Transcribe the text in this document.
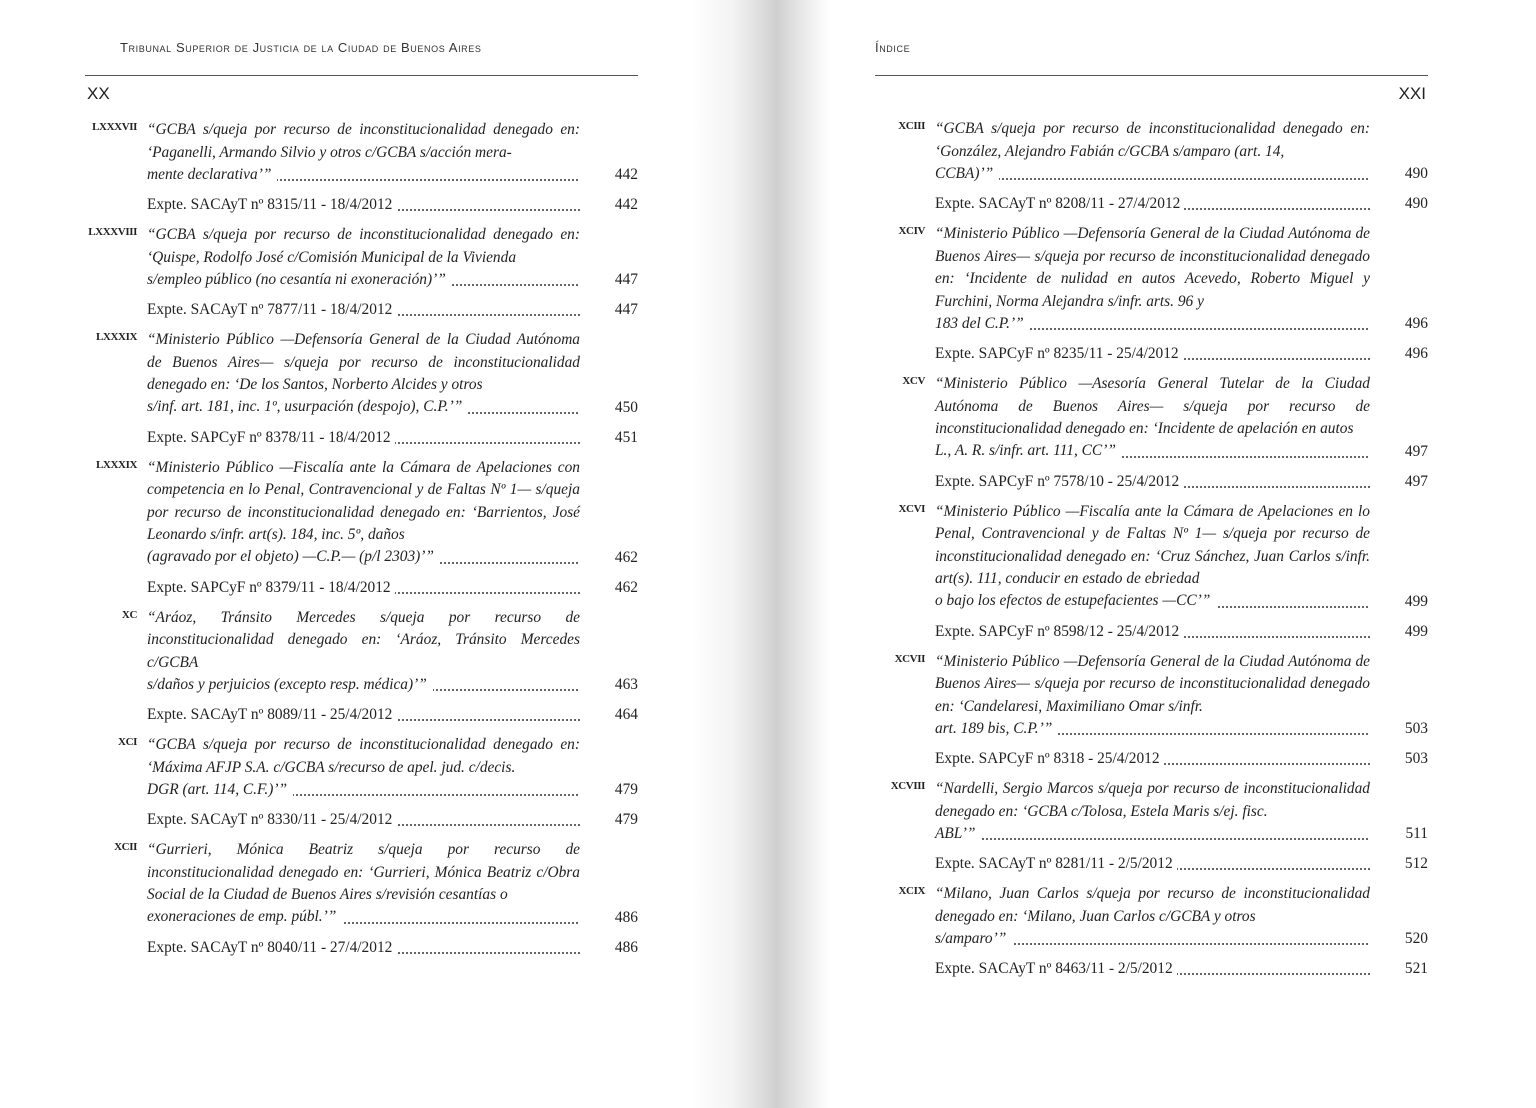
Tribunal Superior de Justicia de la Ciudad de Buenos Aires
XX
LXXXVII “GCBA s/queja por recurso de inconstitucionalidad denegado en: ‘Paganelli, Armando Silvio y otros c/GCBA s/acción mera-
mente declarativa’”	442
Expte. SACAyT nº 8315/11 - 18/4/2012	442
LXXXVIII “GCBA s/queja por recurso de inconstitucionalidad denegado en: ‘Quispe, Rodolfo José c/Comisión Municipal de la Vivienda
s/empleo público (no cesantía ni exoneración)’”	447
Expte. SACAyT nº 7877/11 - 18/4/2012	447
LXXXIX “Ministerio Público —Defensoría General de la Ciudad Autónoma de Buenos Aires— s/queja por recurso de inconstitucionalidad denegado en: ‘De los Santos, Norberto Alcides y otros
s/inf. art. 181, inc. 1º, usurpación (despojo), C.P.’”	450
Expte. SAPCyF nº 8378/11 - 18/4/2012	451
LXXXIX “Ministerio Público —Fiscalía ante la Cámara de Apelaciones con competencia en lo Penal, Contravencional y de Faltas Nº 1— s/queja por recurso de inconstitucionalidad denegado en: ‘Barrientos, José Leonardo s/infr. art(s). 184, inc. 5º, daños
(agravado por el objeto) —C.P.— (p/l 2303)’”	462
Expte. SAPCyF nº 8379/11 - 18/4/2012	462
XC “Aráoz, Tránsito Mercedes s/queja por recurso de inconstitucionalidad denegado en: ‘Aráoz, Tránsito Mercedes c/GCBA
s/daños y perjuicios (excepto resp. médica)’”	463
Expte. SACAyT nº 8089/11 - 25/4/2012	464
XCI “GCBA s/queja por recurso de inconstitucionalidad denegado en: ‘Máxima AFJP S.A. c/GCBA s/recurso de apel. jud. c/decis.
DGR (art. 114, C.F.)’”	479
Expte. SACAyT nº 8330/11 - 25/4/2012	479
XCII “Gurrieri, Mónica Beatriz s/queja por recurso de inconstitucionalidad denegado en: ‘Gurrieri, Mónica Beatriz c/Obra Social de la Ciudad de Buenos Aires s/revisión cesantías o
exoneraciones de emp. públ.’”	486
Expte. SACAyT nº 8040/11 - 27/4/2012	486
Índice
XXI
XCIII “GCBA s/queja por recurso de inconstitucionalidad denegado en: ‘González, Alejandro Fabián c/GCBA s/amparo (art. 14,
CCBA)’”	490
Expte. SACAyT nº 8208/11 - 27/4/2012	490
XCIV “Ministerio Público —Defensoría General de la Ciudad Autónoma de Buenos Aires— s/queja por recurso de inconstitucionalidad denegado en: ‘Incidente de nulidad en autos Acevedo, Roberto Miguel y Furchini, Norma Alejandra s/infr. arts. 96 y
183 del C.P.’”	496
Expte. SAPCyF nº 8235/11 - 25/4/2012	496
XCV “Ministerio Público —Asesoría General Tutelar de la Ciudad Autónoma de Buenos Aires— s/queja por recurso de inconstitucionalidad denegado en: ‘Incidente de apelación en autos
L., A. R. s/infr. art. 111, CC’”	497
Expte. SAPCyF nº 7578/10 - 25/4/2012	497
XCVI “Ministerio Público —Fiscalía ante la Cámara de Apelaciones en lo Penal, Contravencional y de Faltas Nº 1— s/queja por recurso de inconstitucionalidad denegado en: ‘Cruz Sánchez, Juan Carlos s/infr. art(s). 111, conducir en estado de ebriedad
o bajo los efectos de estupefacientes —CC’”	499
Expte. SAPCyF nº 8598/12 - 25/4/2012	499
XCVII “Ministerio Público —Defensoría General de la Ciudad Autónoma de Buenos Aires— s/queja por recurso de inconstitucionalidad denegado en: ‘Candelaresi, Maximiliano Omar s/infr.
art. 189 bis, C.P.’”	503
Expte. SAPCyF nº 8318 - 25/4/2012	503
XCVIII “Nardelli, Sergio Marcos s/queja por recurso de inconstitucionalidad denegado en: ‘GCBA c/Tolosa, Estela Maris s/ej. fisc.
ABL’”	511
Expte. SACAyT nº 8281/11 - 2/5/2012	512
XCIX “Milano, Juan Carlos s/queja por recurso de inconstitucionalidad denegado en: ‘Milano, Juan Carlos c/GCBA y otros
s/amparo’”	520
Expte. SACAyT nº 8463/11 - 2/5/2012	521
